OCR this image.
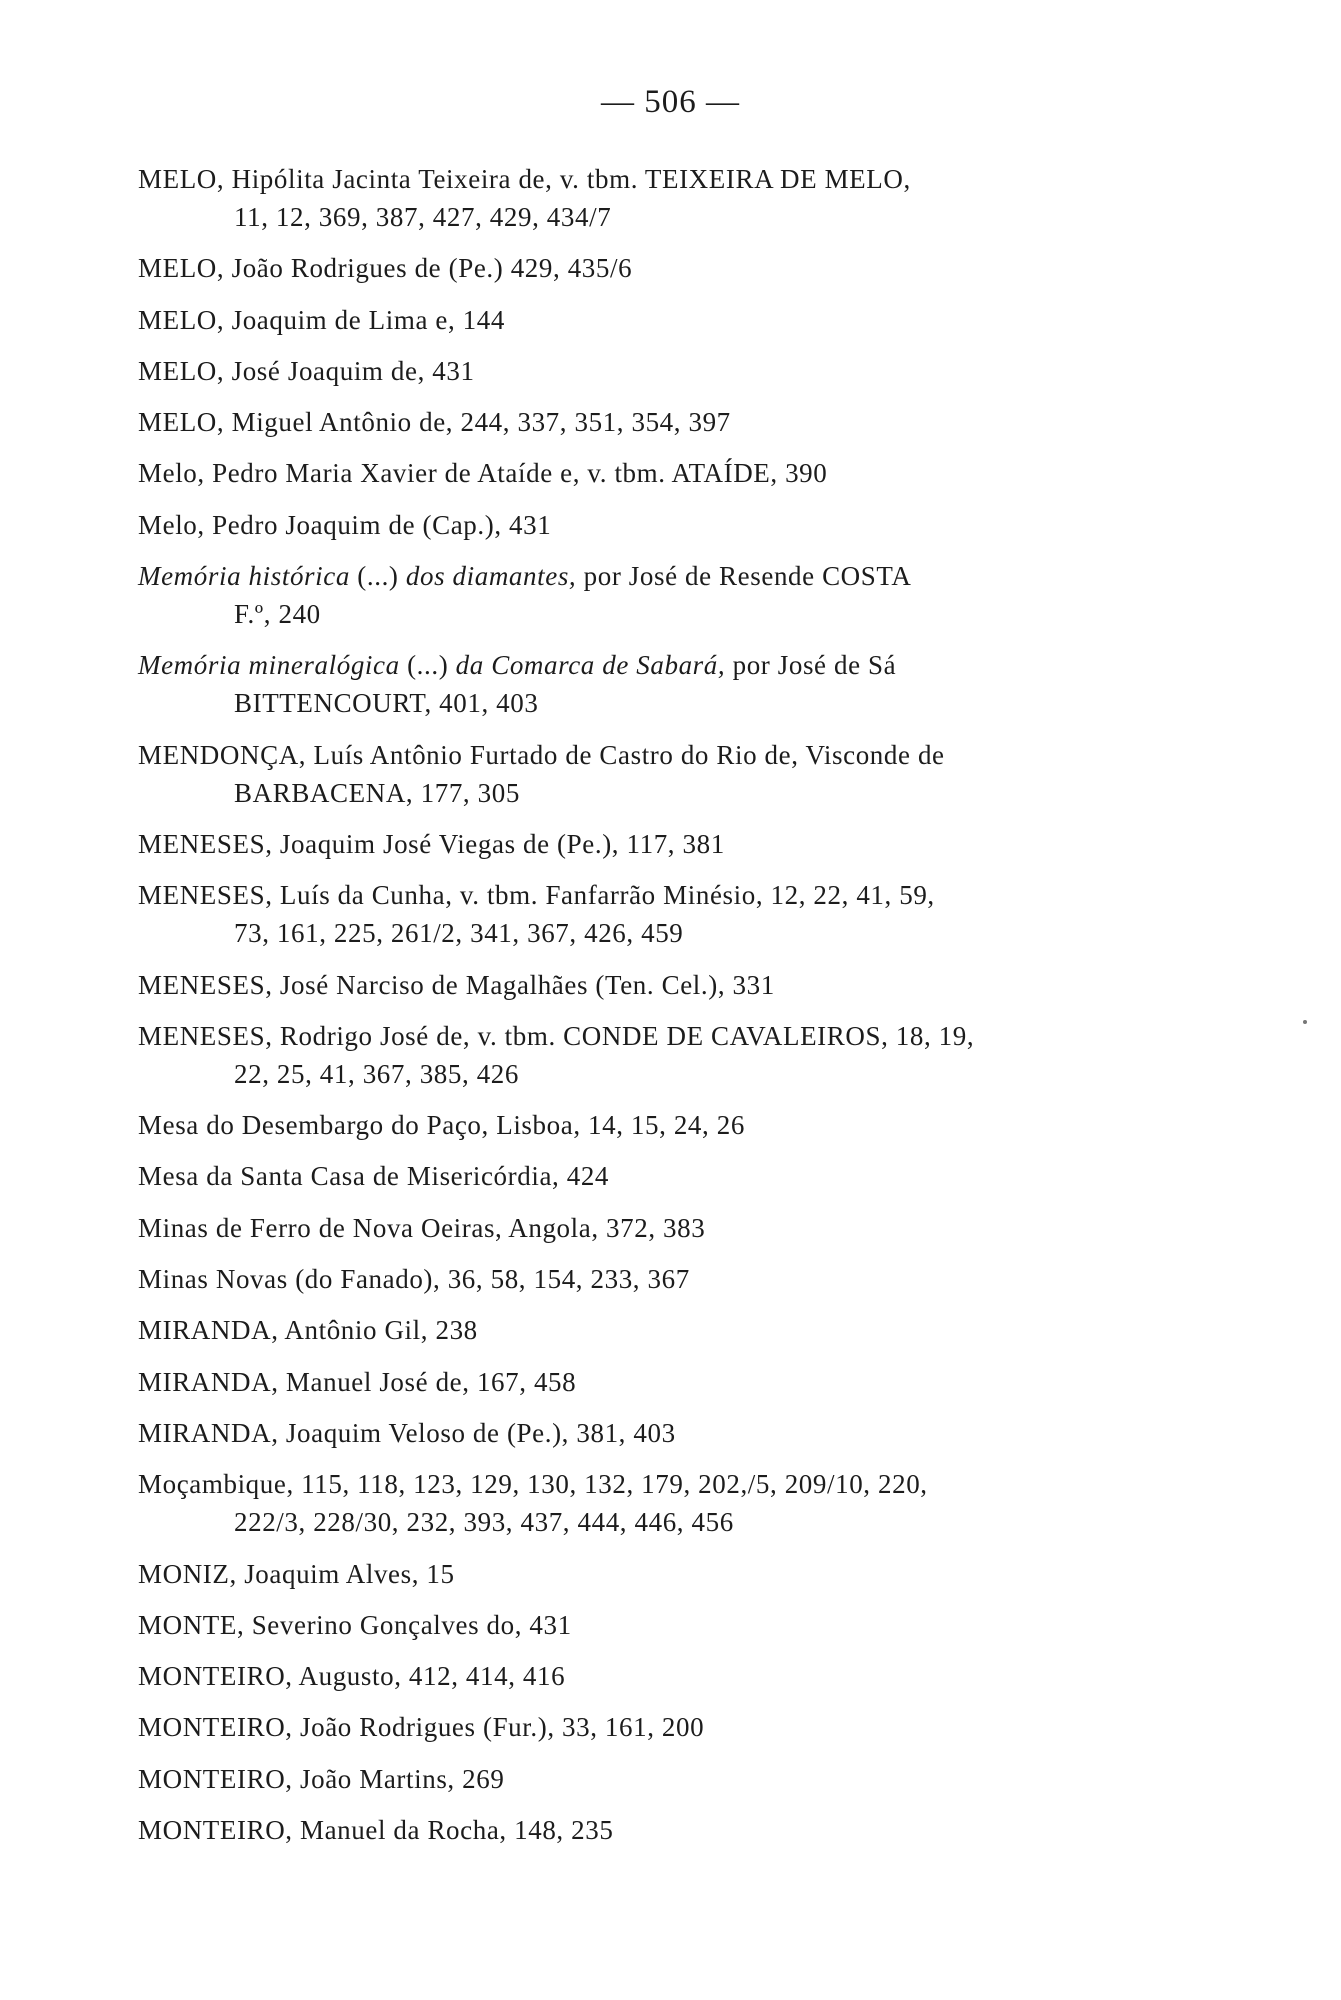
— 506 —
MELO, Hipólita Jacinta Teixeira de, v. tbm. TEIXEIRA DE MELO,
11, 12, 369, 387, 427, 429, 434/7
MELO, João Rodrigues de (Pe.) 429, 435/6
MELO, Joaquim de Lima e, 144
MELO, José Joaquim de, 431
MELO, Miguel Antônio de, 244, 337, 351, 354, 397
Melo, Pedro Maria Xavier de Ataíde e, v. tbm. ATAÍDE, 390
Melo, Pedro Joaquim de (Cap.), 431
Memória histórica (...) dos diamantes, por José de Resende COSTA
F.º, 240
Memória mineralógica (...) da Comarca de Sabará, por José de Sá
BITTENCOURT, 401, 403
MENDONÇA, Luís Antônio Furtado de Castro do Rio de, Visconde de
BARBACENA, 177, 305
MENESES, Joaquim José Viegas de (Pe.), 117, 381
MENESES, Luís da Cunha, v. tbm. Fanfarrão Minésio, 12, 22, 41, 59,
73, 161, 225, 261/2, 341, 367, 426, 459
MENESES, José Narciso de Magalhães (Ten. Cel.), 331
MENESES, Rodrigo José de, v. tbm. CONDE DE CAVALEIROS, 18, 19,
22, 25, 41, 367, 385, 426
Mesa do Desembargo do Paço, Lisboa, 14, 15, 24, 26
Mesa da Santa Casa de Misericórdia, 424
Minas de Ferro de Nova Oeiras, Angola, 372, 383
Minas Novas (do Fanado), 36, 58, 154, 233, 367
MIRANDA, Antônio Gil, 238
MIRANDA, Manuel José de, 167, 458
MIRANDA, Joaquim Veloso de (Pe.), 381, 403
Moçambique, 115, 118, 123, 129, 130, 132, 179, 202,/5, 209/10, 220,
222/3, 228/30, 232, 393, 437, 444, 446, 456
MONIZ, Joaquim Alves, 15
MONTE, Severino Gonçalves do, 431
MONTEIRO, Augusto, 412, 414, 416
MONTEIRO, João Rodrigues (Fur.), 33, 161, 200
MONTEIRO, João Martins, 269
MONTEIRO, Manuel da Rocha, 148, 235
